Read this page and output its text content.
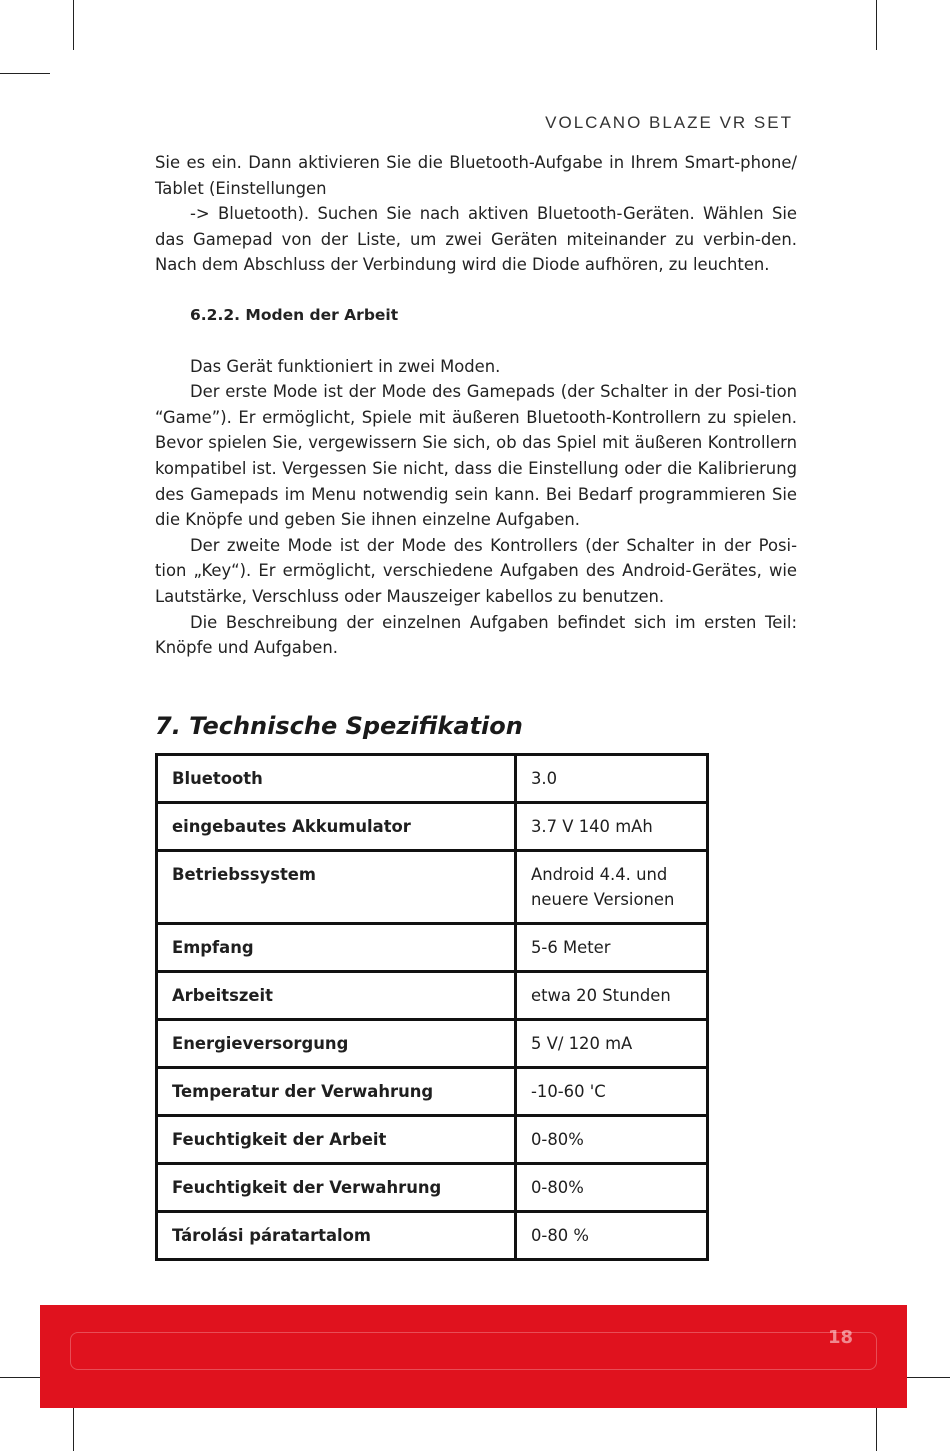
VOLCANO BLAZE VR SET

Sie es ein. Dann aktivieren Sie die Bluetooth-Aufgabe in Ihrem Smart-phone/ Tablet (Einstellungen

-> Bluetooth). Suchen Sie nach aktiven Bluetooth-Geräten. Wählen Sie das Gamepad von der Liste, um zwei Geräten miteinander zu verbin-den. Nach dem Abschluss der Verbindung wird die Diode aufhören, zu leuchten.

6.2.2. Moden der Arbeit

Das Gerät funktioniert in zwei Moden.

Der erste Mode ist der Mode des Gamepads (der Schalter in der Posi-tion “Game”). Er ermöglicht, Spiele mit äußeren Bluetooth-Kontrollern zu spielen. Bevor spielen Sie, vergewissern Sie sich, ob das Spiel mit äußeren Kontrollern kompatibel ist. Vergessen Sie nicht, dass die Einstellung oder die Kalibrierung des Gamepads im Menu notwendig sein kann. Bei Bedarf programmieren Sie die Knöpfe und geben Sie ihnen einzelne Aufgaben.

Der zweite Mode ist der Mode des Kontrollers (der Schalter in der Posi-tion „Key“). Er ermöglicht, verschiedene Aufgaben des Android-Gerätes, wie Lautstärke, Verschluss oder Mauszeiger kabellos zu benutzen.

Die Beschreibung der einzelnen Aufgaben befindet sich im ersten Teil: Knöpfe und Aufgaben.

7. Technische Spezifikation
Bluetooth	3.0
eingebautes Akkumulator	3.7 V 140 mAh
Betriebssystem	Android 4.4. und neuere Versionen
Empfang	5-6 Meter
Arbeitszeit	etwa 20 Stunden
Energieversorgung	5 V/ 120 mA
Temperatur der Verwahrung	-10-60 'C
Feuchtigkeit der Arbeit	0-80%
Feuchtigkeit der Verwahrung	0-80%
Tárolási páratartalom	0-80 %
18
